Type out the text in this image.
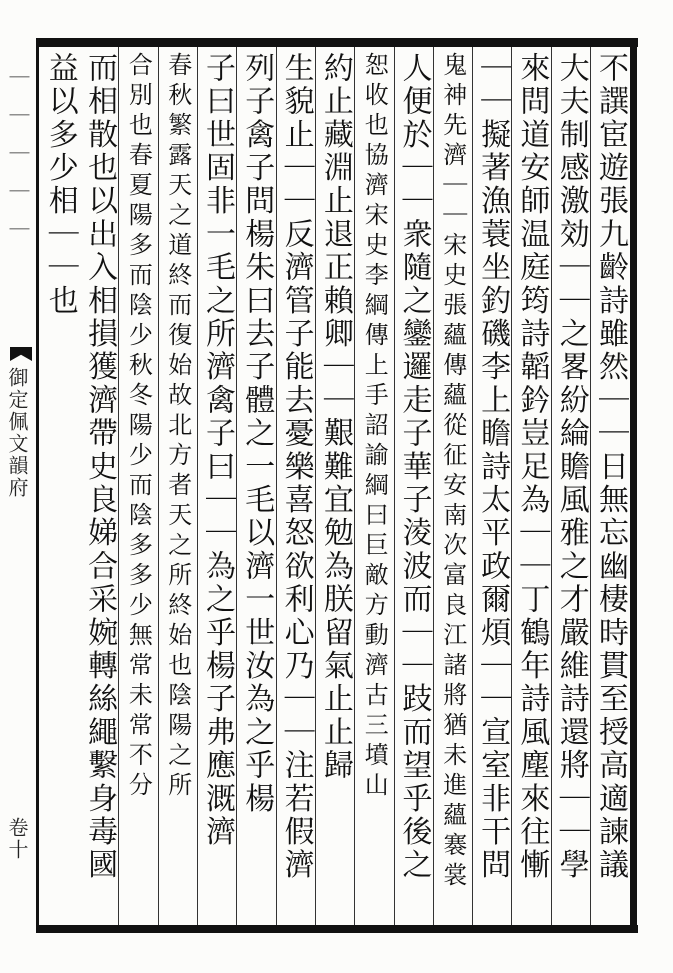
不譔宦遊張九齡詩雖然｜｜日無忘幽棲時貫至授高適諫議
大夫制感激効｜｜之畧紛綸贍風雅之才嚴維詩還將｜｜學
來問道安師温庭筠詩韜鈐豈足為｜｜丁鶴年詩風塵來往慚
｜｜擬著漁蓑坐釣磯李上瞻詩太平政爾煩｜｜宣室非干問
鬼神先濟｜｜宋史張蘊傳蘊從征安南次富良江諸將猶未進蘊褰裳
人便於｜｜衆隨之鑾邏走子華子淩波而｜｜跂而望乎後之
恕收也協濟宋史李綱傳上手詔諭綱曰巨敵方動濟古三墳山
約止藏淵止退正賴卿｜｜艱難宜勉為朕留氣止止歸
生貌止｜｜反濟管子能去憂樂喜怒欲利心乃｜｜注若假濟
列子禽子問楊朱曰去子體之一毛以濟一世汝為之乎楊
子曰世固非一毛之所濟禽子曰｜｜為之乎楊子弗應溉濟
春秋繁露天之道終而復始故北方者天之所終始也陰陽之所
合別也春夏陽多而陰少秋冬陽少而陰多多少無常未常不分
而相散也以出入相損獲濟帶史良娣合采婉轉絲繩繫身毒國
益以多少相｜｜也
｜｜｜｜｜
御定佩文韻府
卷十
